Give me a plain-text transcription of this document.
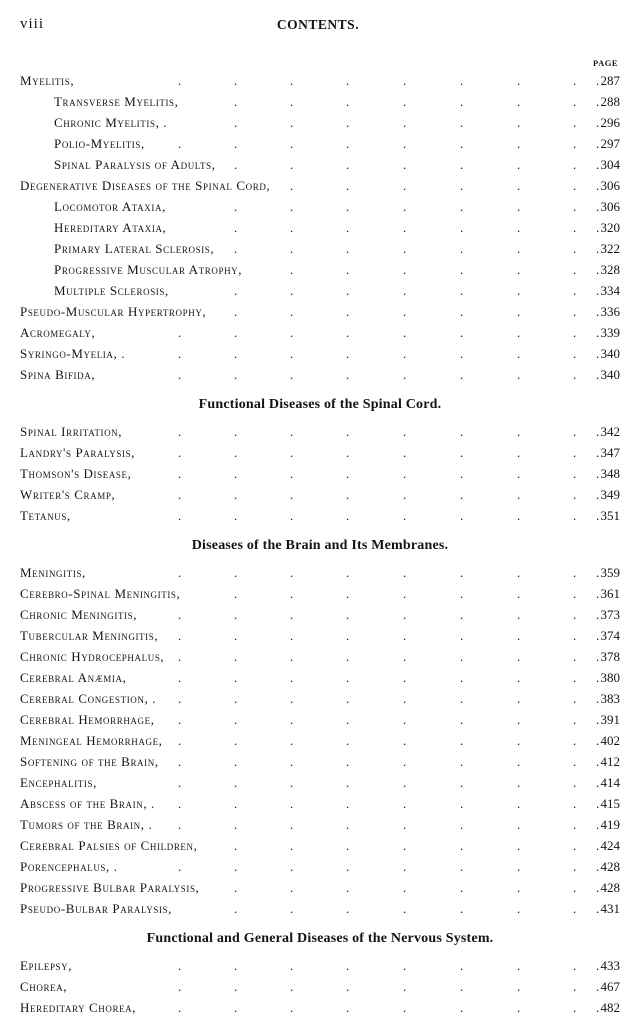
viii	CONTENTS.
PAGE
.	.	.	.	.	.	.	. .
Myelitis,	287
.	.	.	.	.	.	. .
Transverse Myelitis,	288
.	.	.	.	.	.	. .
Chronic Myelitis, .	296
.	.	.	.	.	.	.	. .
Polio-Myelitis,	297
.	.	.	.	.	.	. .
Spinal Paralysis of Adults,	304
.	.	.	.	.	. .
Degenerative Diseases of the Spinal Cord,	306
.	.	.	.	.	.	. .
Locomotor Ataxia,	306
.	.	.	.	.	.	. .
Hereditary Ataxia,	320
.	.	.	.	.	.	. .
Primary Lateral Sclerosis,	322
.	.	.	.	.	. .
Progressive Muscular Atrophy,	328
.	.	.	.	.	.	. .
Multiple Sclerosis,	334
.	.	.	.	.	.	. .
Pseudo-Muscular Hypertrophy,	336
.	.	.	.	.	.	.	. .
Acromegaly,	339
.	.	.	.	.	.	.	. .
Syringo-Myelia, .	340
.	.	.	.	.	.	.	. .
Spina Bifida,	340
Functional Diseases of the Spinal Cord.
.	.	.	.	.	.	.	. .
Spinal Irritation,	342
.	.	.	.	.	.	.	. .
Landry's Paralysis,	347
.	.	.	.	.	.	.	. .
Thomson's Disease,	348
.	.	.	.	.	.	.	. .
Writer's Cramp,	349
.	.	.	.	.	.	.	. .
Tetanus,	351
Diseases of the Brain and Its Membranes.
.	.	.	.	.	.	.	. .
Meningitis,	359
.	.	.	.	.	.	. .
Cerebro-Spinal Meningitis,	361
.	.	.	.	.	.	.	. .
Chronic Meningitis,	373
.	.	.	.	.	.	.	. .
Tubercular Meningitis,	374
.	.	.	.	.	.	.	. .
Chronic Hydrocephalus,	378
.	.	.	.	.	.	.	. .
Cerebral Anæmia,	380
.	.	.	.	.	.	.	. .
Cerebral Congestion, .	383
.	.	.	.	.	.	.	. .
Cerebral Hemorrhage,	391
.	.	.	.	.	.	.	. .
Meningeal Hemorrhage,	402
.	.	.	.	.	.	.	. .
Softening of the Brain,	412
.	.	.	.	.	.	.	. .
Encephalitis,	414
.	.	.	.	.	.	.	. .
Abscess of the Brain, .	415
.	.	.	.	.	.	.	. .
Tumors of the Brain, .	419
.	.	.	.	.	.	. .
Cerebral Palsies of Children,	424
.	.	.	.	.	.	.	. .
Porencephalus, .	428
.	.	.	.	.	.	. .
Progressive Bulbar Paralysis,	428
.	.	.	.	.	.	. .
Pseudo-Bulbar Paralysis,	431
Functional and General Diseases of the Nervous System.
.	.	.	.	.	.	.	. .
Epilepsy,	433
.	.	.	.	.	.	.	. .
Chorea,	467
.	.	.	.	.	.	.	. .
Hereditary Chorea,	482
